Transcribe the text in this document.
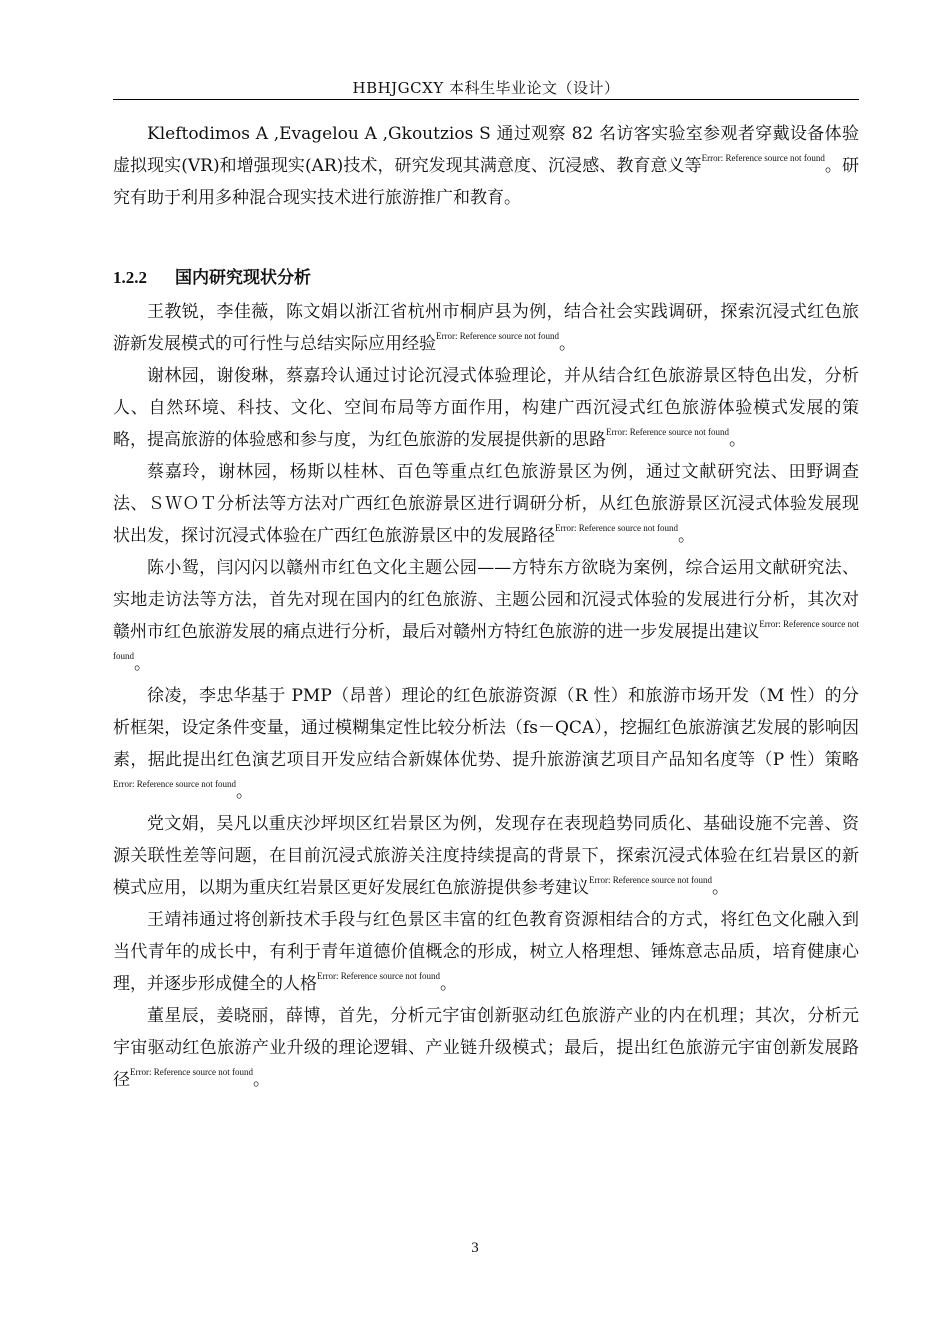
HBHJGCXY 本科生毕业论文（设计）

Kleftodimos A ,Evagelou A ,Gkoutzios S 通过观察 82 名访客实验室参观者穿戴设备体验虚拟现实(VR)和增强现实(AR)技术，研究发现其满意度、沉浸感、教育意义等$^{Error: Reference source not found}$。研究有助于利用多种混合现实技术进行旅游推广和教育。

1.2.2 国内研究现状分析

王教锐，李佳薇，陈文娟以浙江省杭州市桐庐县为例，结合社会实践调研，探索沉浸式红色旅游新发展模式的可行性与总结实际应用经验$^{Error: Reference source not found}$。

谢林园，谢俊琳，蔡嘉玲认通过讨论沉浸式体验理论，并从结合红色旅游景区特色出发，分析人、自然环境、科技、文化、空间布局等方面作用，构建广西沉浸式红色旅游体验模式发展的策略，提高旅游的体验感和参与度，为红色旅游的发展提供新的思路$^{Error: Reference source not found}$。

蔡嘉玲，谢林园，杨斯以桂林、百色等重点红色旅游景区为例，通过文献研究法、田野调查法、ＳＷＯＴ分析法等方法对广西红色旅游景区进行调研分析，从红色旅游景区沉浸式体验发展现状出发，探讨沉浸式体验在广西红色旅游景区中的发展路径$^{Error: Reference source not found}$。

陈小鸳，闫闪闪以赣州市红色文化主题公园——方特东方欲晓为案例，综合运用文献研究法、实地走访法等方法，首先对现在国内的红色旅游、主题公园和沉浸式体验的发展进行分析，其次对赣州市红色旅游发展的痛点进行分析，最后对赣州方特红色旅游的进一步发展提出建议$^{Error: Reference source not found}$。

徐凌，李忠华基于 PMP（昂普）理论的红色旅游资源（R 性）和旅游市场开发（M 性）的分析框架，设定条件变量，通过模糊集定性比较分析法（fs－QCA），挖掘红色旅游演艺发展的影响因素，据此提出红色演艺项目开发应结合新媒体优势、提升旅游演艺项目产品知名度等（P 性）策略$^{Error: Reference source not found}$。

党文娟，吴凡以重庆沙坪坝区红岩景区为例，发现存在表现趋势同质化、基础设施不完善、资源关联性差等问题，在目前沉浸式旅游关注度持续提高的背景下，探索沉浸式体验在红岩景区的新模式应用，以期为重庆红岩景区更好发展红色旅游提供参考建议$^{Error: Reference source not found}$。

王靖祎通过将创新技术手段与红色景区丰富的红色教育资源相结合的方式，将红色文化融入到当代青年的成长中，有利于青年道德价值概念的形成，树立人格理想、锤炼意志品质，培育健康心理，并逐步形成健全的人格$^{Error: Reference source not found}$。

董星辰，姜晓丽，薛博，首先，分析元宇宙创新驱动红色旅游产业的内在机理；其次，分析元宇宙驱动红色旅游产业升级的理论逻辑、产业链升级模式；最后，提出红色旅游元宇宙创新发展路径$^{Error: Reference source not found}$。

3
